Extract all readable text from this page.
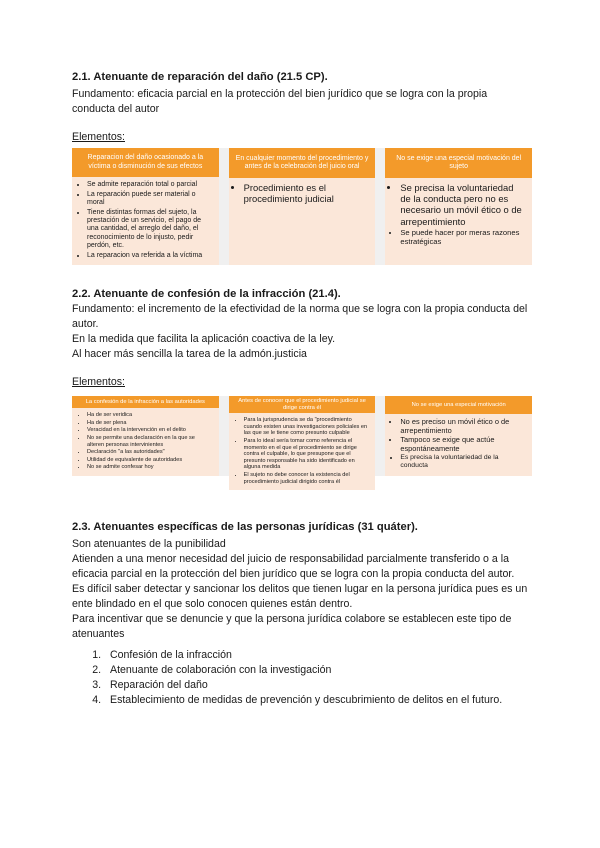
2.1. Atenuante de reparación del daño (21.5 CP).

Fundamento: eficacia parcial en la protección del bien jurídico que se logra con la propia conducta del autor

Elementos:

Reparacion del daño ocasionado a la víctima o disminución de sus efectos
• Se admite reparación total o parcial
• La reparación puede ser material o moral
• Tiene distintas formas del sujeto, la prestación de un servicio, el pago de una cantidad, el arreglo del daño, el reconocimiento de lo injusto, pedir perdón, etc.
• La reparacion va referida a la víctima
En cualquier momento del procedimiento y antes de la celebración del juicio oral
• Procedimiento es el procedimiento judicial
No se exige una especial motivación del sujeto
• Se precisa la voluntariedad de la conducta pero no es necesario un móvil ético o de arrepentimiento
• Se puede hacer por meras razones estratégicas
2.2. Atenuante de confesión de la infracción (21.4).

Fundamento: el incremento de la efectividad de la norma que se logra con la propia conducta del autor.

En la medida que facilita la aplicación coactiva de la ley.

Al hacer más sencilla la tarea de la admón.justicia

Elementos:

La confesión de la infracción a las autoridades
• Ha de ser veridica
• Ha de ser plena
• Veracidad en la intervención en el delito
• No se permite una declaración en la que se alteren personas intervinientes
• Declaración "a las autoridades"
• Utilidad de equivalente de autoridades
• No se admite confesar hoy
Antes de conocer que el procedimiento judicial se dirige contra él
• Para la jurisprudencia se da "procedimiento cuando existen unas investigaciones policiales en las que se le tiene como presunto culpable
• Para lo ideal sería tomar como referencia el momento en el que el procedimiento se dirige contra el culpable, lo que presupone que el presunto responsable ha sido identificado en alguna medida
• El sujeto no debe conocer la existencia del procedimiento judicial dirigido contra él
No se exige una especial motivación
• No es preciso un móvil ético o de arrepentimiento
• Tampoco se exige que actúe espontáneamente
• Es precisa la voluntariedad de la conducta
2.3. Atenuantes específicas de las personas jurídicas (31 quáter).

Son atenuantes de la punibilidad

Atienden a una menor necesidad del juicio de responsabilidad parcialmente transferido o a la eficacia parcial en la protección del bien jurídico que se logra con la propia conducta del autor.

Es difícil saber detectar y sancionar los delitos que tienen lugar en la persona jurídica pues es un ente blindado en el que solo conocen quienes están dentro.

Para incentivar que se denuncie y que la persona jurídica colabore se establecen este tipo de atenuantes

1. Confesión de la infracción
2. Atenuante de colaboración con la investigación
3. Reparación del daño
4. Establecimiento de medidas de prevención y descubrimiento de delitos en el futuro.
